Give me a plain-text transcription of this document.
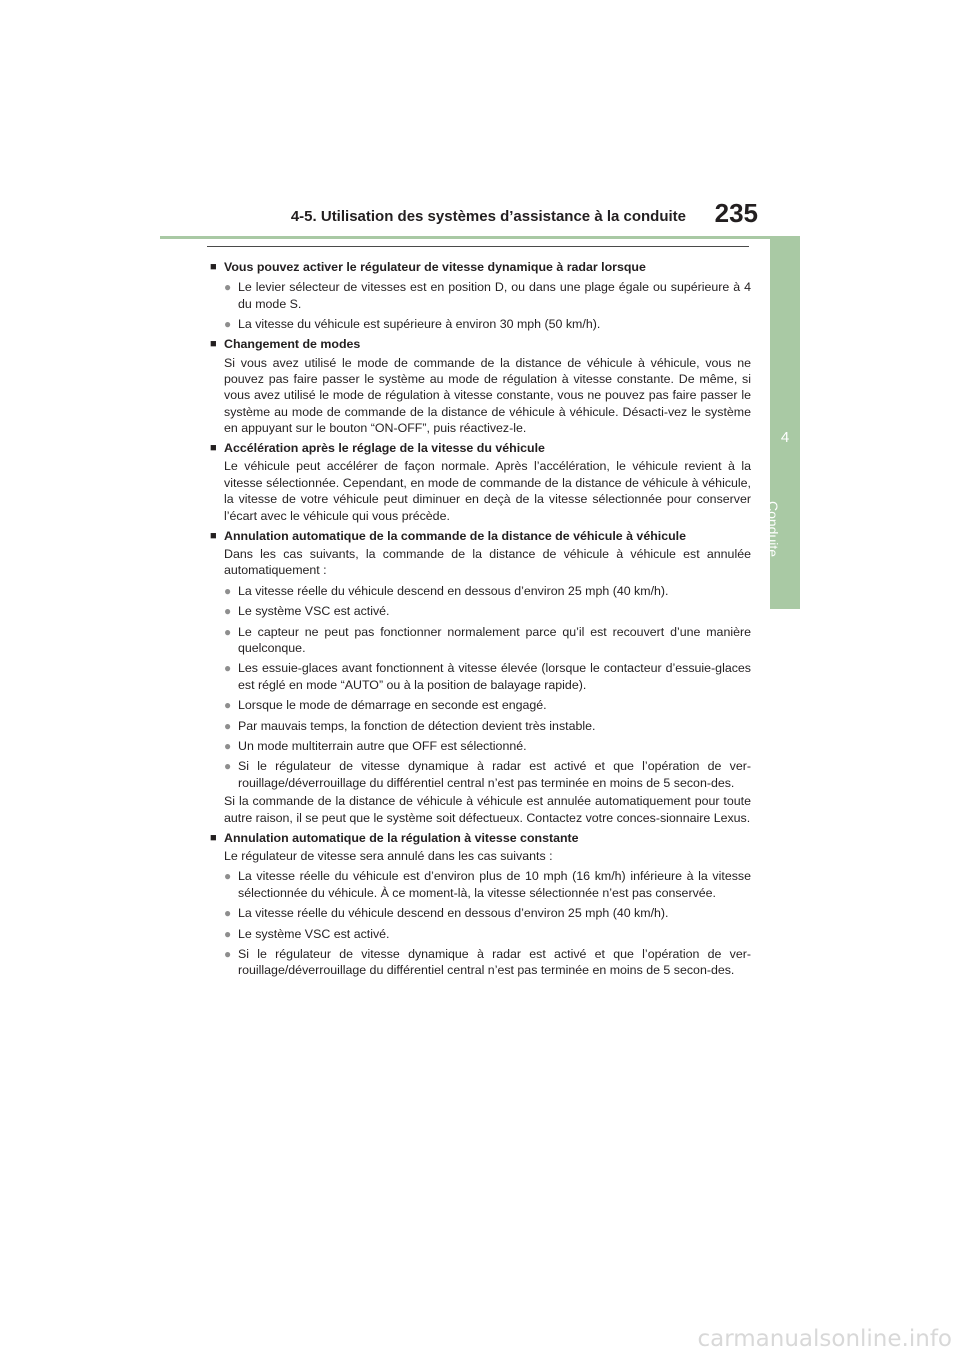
4-5. Utilisation des systèmes d’assistance à la conduite 235
4
Conduite
■ Vous pouvez activer le régulateur de vitesse dynamique à radar lorsque
● Le levier sélecteur de vitesses est en position D, ou dans une plage égale ou supérieure à 4 du mode S.
● La vitesse du véhicule est supérieure à environ 30 mph (50 km/h).
■ Changement de modes
Si vous avez utilisé le mode de commande de la distance de véhicule à véhicule, vous ne pouvez pas faire passer le système au mode de régulation à vitesse constante. De même, si vous avez utilisé le mode de régulation à vitesse constante, vous ne pouvez pas faire passer le système au mode de commande de la distance de véhicule à véhicule. Désacti-vez le système en appuyant sur le bouton “ON-OFF”, puis réactivez-le.
■ Accélération après le réglage de la vitesse du véhicule
Le véhicule peut accélérer de façon normale. Après l’accélération, le véhicule revient à la vitesse sélectionnée. Cependant, en mode de commande de la distance de véhicule à véhicule, la vitesse de votre véhicule peut diminuer en deçà de la vitesse sélectionnée pour conserver l’écart avec le véhicule qui vous précède.
■ Annulation automatique de la commande de la distance de véhicule à véhicule
Dans les cas suivants, la commande de la distance de véhicule à véhicule est annulée automatiquement :
● La vitesse réelle du véhicule descend en dessous d’environ 25 mph (40 km/h).
● Le système VSC est activé.
● Le capteur ne peut pas fonctionner normalement parce qu’il est recouvert d’une manière quelconque.
● Les essuie-glaces avant fonctionnent à vitesse élevée (lorsque le contacteur d’essuie-glaces est réglé en mode “AUTO” ou à la position de balayage rapide).
● Lorsque le mode de démarrage en seconde est engagé.
● Par mauvais temps, la fonction de détection devient très instable.
● Un mode multiterrain autre que OFF est sélectionné.
● Si le régulateur de vitesse dynamique à radar est activé et que l’opération de ver-rouillage/déverrouillage du différentiel central n’est pas terminée en moins de 5 secon-des.
Si la commande de la distance de véhicule à véhicule est annulée automatiquement pour toute autre raison, il se peut que le système soit défectueux. Contactez votre conces-sionnaire Lexus.
■ Annulation automatique de la régulation à vitesse constante
Le régulateur de vitesse sera annulé dans les cas suivants :
● La vitesse réelle du véhicule est d’environ plus de 10 mph (16 km/h) inférieure à la vitesse sélectionnée du véhicule. À ce moment-là, la vitesse sélectionnée n’est pas conservée.
● La vitesse réelle du véhicule descend en dessous d’environ 25 mph (40 km/h).
● Le système VSC est activé.
● Si le régulateur de vitesse dynamique à radar est activé et que l’opération de ver-rouillage/déverrouillage du différentiel central n’est pas terminée en moins de 5 secon-des.
carmanualsonline.info
